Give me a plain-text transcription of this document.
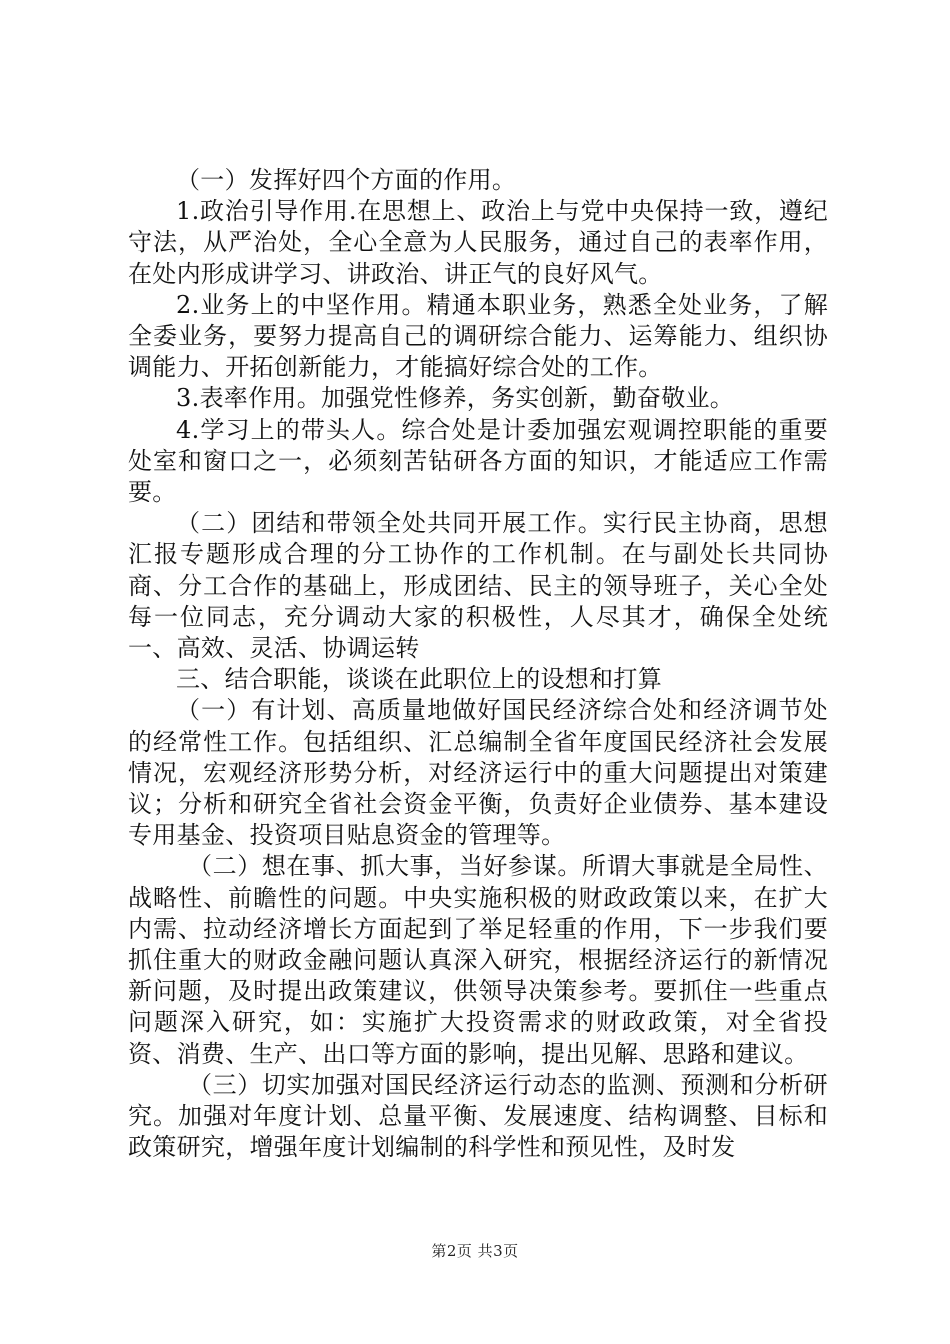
（一）发挥好四个方面的作用。

1.政治引导作用.在思想上、政治上与党中央保持一致，遵纪守法，从严治处，全心全意为人民服务，通过自己的表率作用，在处内形成讲学习、讲政治、讲正气的良好风气。

2.业务上的中坚作用。精通本职业务，熟悉全处业务，了解全委业务，要努力提高自己的调研综合能力、运筹能力、组织协调能力、开拓创新能力，才能搞好综合处的工作。

3.表率作用。加强党性修养，务实创新，勤奋敬业。

4.学习上的带头人。综合处是计委加强宏观调控职能的重要处室和窗口之一，必须刻苦钻研各方面的知识，才能适应工作需要。

（二）团结和带领全处共同开展工作。实行民主协商，思想汇报专题形成合理的分工协作的工作机制。在与副处长共同协商、分工合作的基础上，形成团结、民主的领导班子，关心全处每一位同志，充分调动大家的积极性，人尽其才，确保全处统一、高效、灵活、协调运转

三、结合职能，谈谈在此职位上的设想和打算

（一）有计划、高质量地做好国民经济综合处和经济调节处的经常性工作。包括组织、汇总编制全省年度国民经济社会发展情况，宏观经济形势分析，对经济运行中的重大问题提出对策建议；分析和研究全省社会资金平衡，负责好企业债券、基本建设专用基金、投资项目贴息资金的管理等。

（二）想在事、抓大事，当好参谋。所谓大事就是全局性、战略性、前瞻性的问题。中央实施积极的财政政策以来，在扩大内需、拉动经济增长方面起到了举足轻重的作用，下一步我们要抓住重大的财政金融问题认真深入研究，根据经济运行的新情况新问题，及时提出政策建议，供领导决策参考。要抓住一些重点问题深入研究，如：实施扩大投资需求的财政政策，对全省投资、消费、生产、出口等方面的影响，提出见解、思路和建议。

（三）切实加强对国民经济运行动态的监测、预测和分析研究。加强对年度计划、总量平衡、发展速度、结构调整、目标和政策研究，增强年度计划编制的科学性和预见性，及时发

第2页 共3页
